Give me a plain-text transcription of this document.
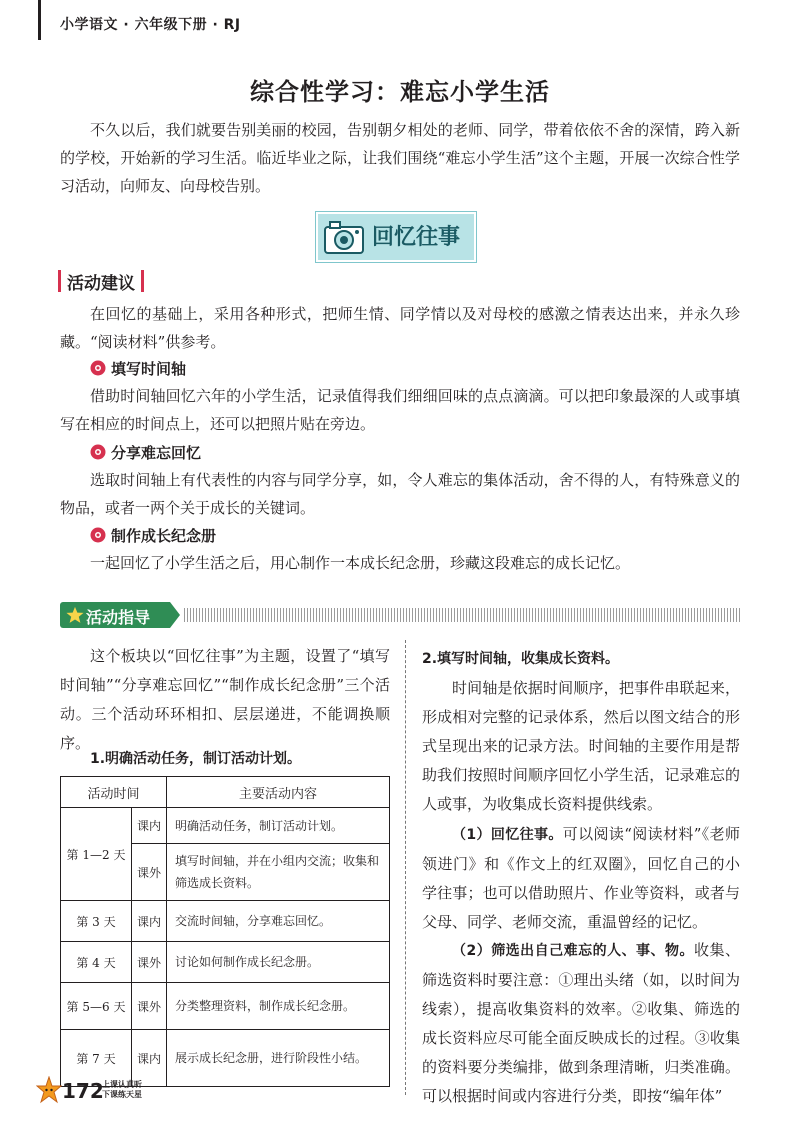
小学语文 · 六年级下册 · RJ
综合性学习：难忘小学生活
不久以后，我们就要告别美丽的校园，告别朝夕相处的老师、同学，带着依依不舍的深情，跨入新的学校，开始新的学习生活。临近毕业之际，让我们围绕“难忘小学生活”这个主题，开展一次综合性学习活动，向师友、向母校告别。
回忆往事
活动建议
在回忆的基础上，采用各种形式，把师生情、同学情以及对母校的感激之情表达出来，并永久珍藏。“阅读材料”供参考。
填写时间轴
借助时间轴回忆六年的小学生活，记录值得我们细细回味的点点滴滴。可以把印象最深的人或事填写在相应的时间点上，还可以把照片贴在旁边。
分享难忘回忆
选取时间轴上有代表性的内容与同学分享，如，令人难忘的集体活动，舍不得的人，有特殊意义的物品，或者一两个关于成长的关键词。
制作成长纪念册
一起回忆了小学生活之后，用心制作一本成长纪念册，珍藏这段难忘的成长记忆。
活动指导
这个板块以“回忆往事”为主题，设置了“填写时间轴”“分享难忘回忆”“制作成长纪念册”三个活动。三个活动环环相扣、层层递进，不能调换顺序。
1.明确活动任务，制订活动计划。
活动时间		主要活动内容
第 1—2 天	课内	明确活动任务，制订活动计划。
	课外	填写时间轴，并在小组内交流；收集和筛选成长资料。
第 3 天	课内	交流时间轴，分享难忘回忆。
第 4 天	课外	讨论如何制作成长纪念册。
第 5—6 天	课外	分类整理资料，制作成长纪念册。
第 7 天	课内	展示成长纪念册，进行阶段性小结。
2.填写时间轴，收集成长资料。
时间轴是依据时间顺序，把事件串联起来，形成相对完整的记录体系，然后以图文结合的形式呈现出来的记录方法。时间轴的主要作用是帮助我们按照时间顺序回忆小学生活，记录难忘的人或事，为收集成长资料提供线索。
（1）回忆往事。可以阅读“阅读材料”《老师领进门》和《作文上的红双圈》，回忆自己的小学往事；也可以借助照片、作业等资料，或者与父母、同学、老师交流，重温曾经的记忆。
（2）筛选出自己难忘的人、事、物。收集、筛选资料时要注意：①理出头绪（如，以时间为线索），提高收集资料的效率。②收集、筛选的成长资料应尽可能全面反映成长的过程。③收集的资料要分类编排，做到条理清晰，归类准确。可以根据时间或内容进行分类，即按“编年体”
172
上课认真听
下课练天星
